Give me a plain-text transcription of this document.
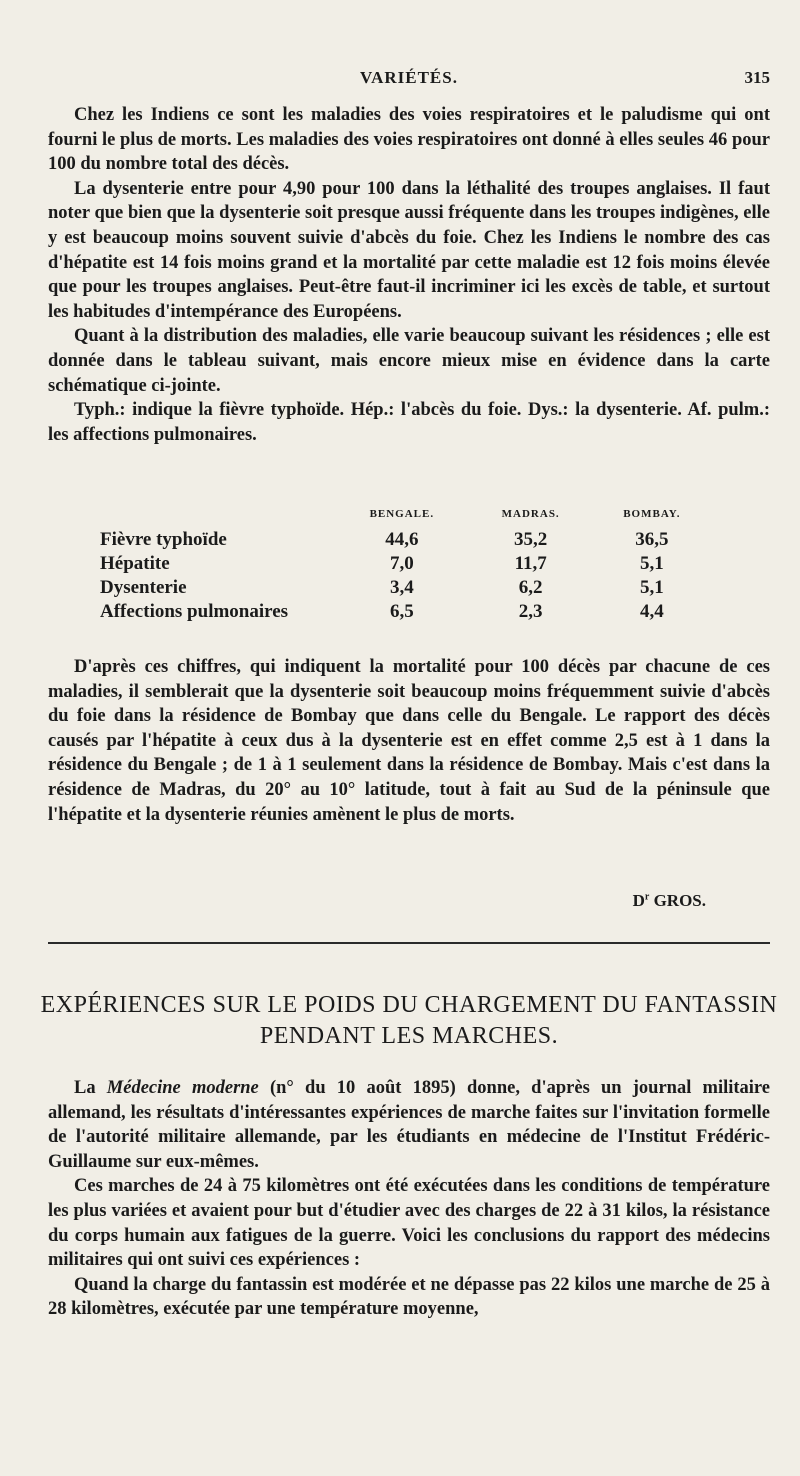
VARIÉTÉS.	315

Chez les Indiens ce sont les maladies des voies respiratoires et le paludisme qui ont fourni le plus de morts. Les maladies des voies respiratoires ont donné à elles seules 46 pour 100 du nombre total des décès.

La dysenterie entre pour 4,90 pour 100 dans la léthalité des troupes anglaises. Il faut noter que bien que la dysenterie soit presque aussi fréquente dans les troupes indigènes, elle y est beaucoup moins souvent suivie d'abcès du foie. Chez les Indiens le nombre des cas d'hépatite est 14 fois moins grand et la mortalité par cette maladie est 12 fois moins élevée que pour les troupes anglaises. Peut-être faut-il incriminer ici les excès de table, et surtout les habitudes d'intempérance des Européens.

Quant à la distribution des maladies, elle varie beaucoup suivant les résidences ; elle est donnée dans le tableau suivant, mais encore mieux mise en évidence dans la carte schématique ci-jointe.

Typh.: indique la fièvre typhoïde. Hép.: l'abcès du foie. Dys.: la dysenterie. Af. pulm.: les affections pulmonaires.

	BENGALE.	MADRAS.	BOMBAY.
Fièvre typhoïde	44,6	35,2	36,5
Hépatite	7,0	11,7	5,1
Dysenterie	3,4	6,2	5,1
Affections pulmonaires	6,5	2,3	4,4

D'après ces chiffres, qui indiquent la mortalité pour 100 décès par chacune de ces maladies, il semblerait que la dysenterie soit beaucoup moins fréquemment suivie d'abcès du foie dans la résidence de Bombay que dans celle du Bengale. Le rapport des décès causés par l'hépatite à ceux dus à la dysenterie est en effet comme 2,5 est à 1 dans la résidence du Bengale ; de 1 à 1 seulement dans la résidence de Bombay. Mais c'est dans la résidence de Madras, du 20° au 10° latitude, tout à fait au Sud de la péninsule que l'hépatite et la dysenterie réunies amènent le plus de morts.

$D^r$ GROS.
EXPÉRIENCES SUR LE POIDS DU CHARGEMENT DU FANTASSIN
PENDANT LES MARCHES.

La Médecine moderne (n° du 10 août 1895) donne, d'après un journal militaire allemand, les résultats d'intéressantes expériences de marche faites sur l'invitation formelle de l'autorité militaire allemande, par les étudiants en médecine de l'Institut Frédéric-Guillaume sur eux-mêmes.

Ces marches de 24 à 75 kilomètres ont été exécutées dans les conditions de température les plus variées et avaient pour but d'étudier avec des charges de 22 à 31 kilos, la résistance du corps humain aux fatigues de la guerre. Voici les conclusions du rapport des médecins militaires qui ont suivi ces expériences :

Quand la charge du fantassin est modérée et ne dépasse pas 22 kilos une marche de 25 à 28 kilomètres, exécutée par une température moyenne,
